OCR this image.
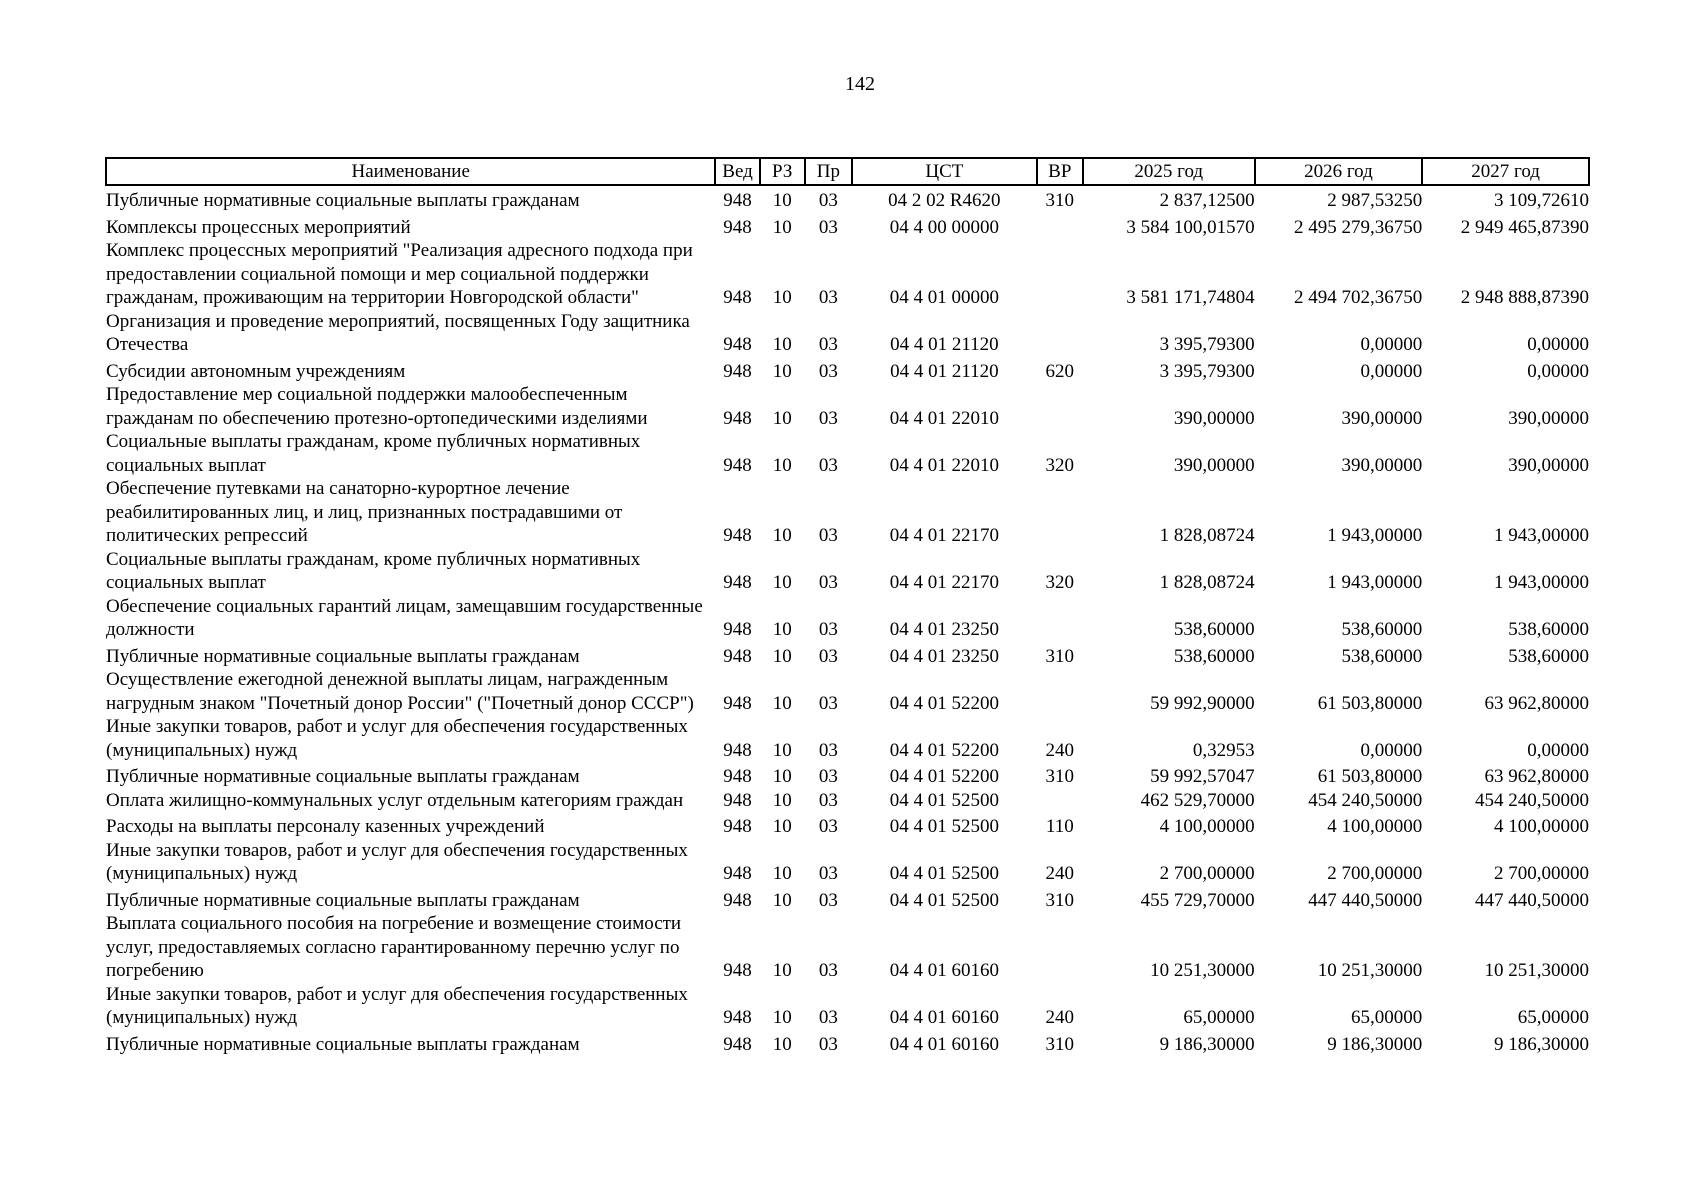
142
Наименование	Вед	РЗ	Пр	ЦСТ	ВР	2025 год	2026 год	2027 год
Публичные нормативные социальные выплаты гражданам	948	10	03	04 2 02 R4620	310	2 837,12500	2 987,53250	3 109,72610
Комплексы процессных мероприятий	948	10	03	04 4 00 00000		3 584 100,01570	2 495 279,36750	2 949 465,87390
Комплекс процессных мероприятий "Реализация адресного подхода при предоставлении социальной помощи и мер социальной поддержки гражданам, проживающим на территории Новгородской области"	948	10	03	04 4 01 00000		3 581 171,74804	2 494 702,36750	2 948 888,87390
Организация и проведение мероприятий, посвященных Году защитника Отечества	948	10	03	04 4 01 21120		3 395,79300	0,00000	0,00000
Субсидии автономным учреждениям	948	10	03	04 4 01 21120	620	3 395,79300	0,00000	0,00000
Предоставление мер социальной поддержки малообеспеченным гражданам по обеспечению протезно-ортопедическими изделиями	948	10	03	04 4 01 22010		390,00000	390,00000	390,00000
Социальные выплаты гражданам, кроме публичных нормативных социальных выплат	948	10	03	04 4 01 22010	320	390,00000	390,00000	390,00000
Обеспечение путевками на санаторно-курортное лечение реабилитированных лиц, и лиц, признанных пострадавшими от политических репрессий	948	10	03	04 4 01 22170		1 828,08724	1 943,00000	1 943,00000
Социальные выплаты гражданам, кроме публичных нормативных социальных выплат	948	10	03	04 4 01 22170	320	1 828,08724	1 943,00000	1 943,00000
Обеспечение социальных гарантий лицам, замещавшим государственные должности	948	10	03	04 4 01 23250		538,60000	538,60000	538,60000
Публичные нормативные социальные выплаты гражданам	948	10	03	04 4 01 23250	310	538,60000	538,60000	538,60000
Осуществление ежегодной денежной выплаты лицам, награжденным нагрудным знаком "Почетный донор России" ("Почетный донор СССР")	948	10	03	04 4 01 52200		59 992,90000	61 503,80000	63 962,80000
Иные закупки товаров, работ и услуг для обеспечения государственных (муниципальных) нужд	948	10	03	04 4 01 52200	240	0,32953	0,00000	0,00000
Публичные нормативные социальные выплаты гражданам	948	10	03	04 4 01 52200	310	59 992,57047	61 503,80000	63 962,80000
Оплата жилищно-коммунальных услуг отдельным категориям граждан	948	10	03	04 4 01 52500		462 529,70000	454 240,50000	454 240,50000
Расходы на выплаты персоналу казенных учреждений	948	10	03	04 4 01 52500	110	4 100,00000	4 100,00000	4 100,00000
Иные закупки товаров, работ и услуг для обеспечения государственных (муниципальных) нужд	948	10	03	04 4 01 52500	240	2 700,00000	2 700,00000	2 700,00000
Публичные нормативные социальные выплаты гражданам	948	10	03	04 4 01 52500	310	455 729,70000	447 440,50000	447 440,50000
Выплата социального пособия на погребение и возмещение стоимости услуг, предоставляемых согласно гарантированному перечню услуг по погребению	948	10	03	04 4 01 60160		10 251,30000	10 251,30000	10 251,30000
Иные закупки товаров, работ и услуг для обеспечения государственных (муниципальных) нужд	948	10	03	04 4 01 60160	240	65,00000	65,00000	65,00000
Публичные нормативные социальные выплаты гражданам	948	10	03	04 4 01 60160	310	9 186,30000	9 186,30000	9 186,30000
